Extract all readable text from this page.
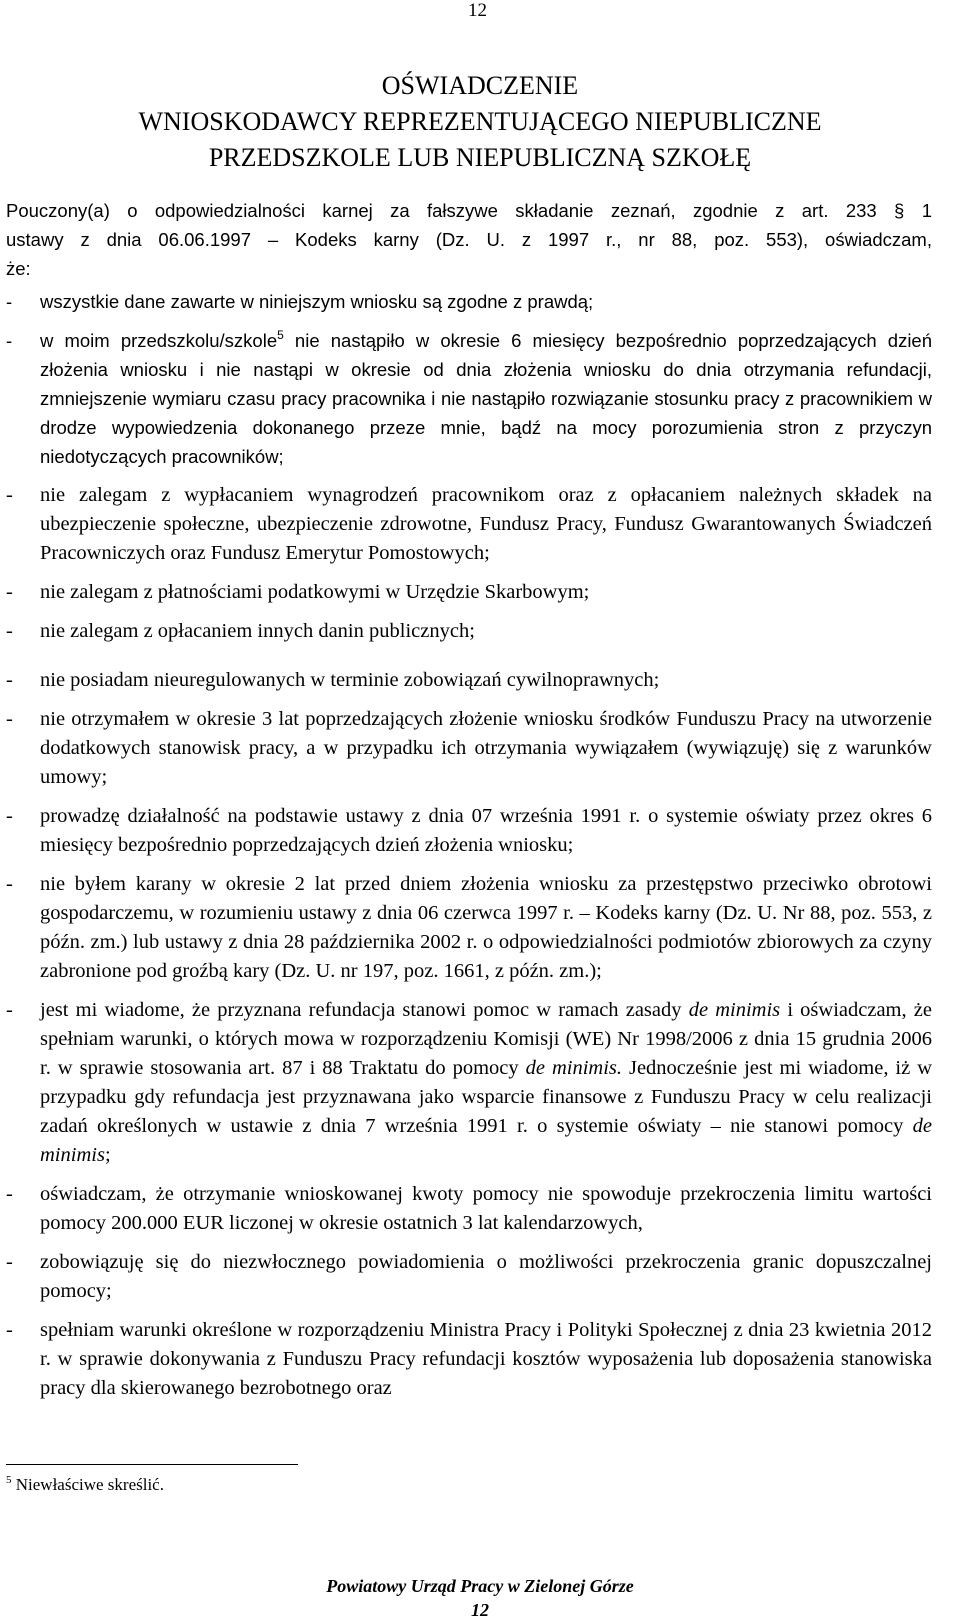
12
OŚWIADCZENIE
WNIOSKODAWCY REPREZENTUJĄCEGO NIEPUBLICZNE
PRZEDSZKOLE LUB NIEPUBLICZNĄ SZKOŁĘ
Pouczony(a) o odpowiedzialności karnej za fałszywe składanie zeznań, zgodnie z art. 233 § 1
ustawy z dnia 06.06.1997 – Kodeks karny (Dz. U. z 1997 r., nr 88, poz. 553), oświadczam,
że:
- wszystkie dane zawarte w niniejszym wniosku są zgodne z prawdą;
- w moim przedszkolu/szkole$^5$ nie nastąpiło w okresie 6 miesięcy bezpośrednio poprzedzających dzień złożenia wniosku i nie nastąpi w okresie od dnia złożenia wniosku do dnia otrzymania refundacji, zmniejszenie wymiaru czasu pracy pracownika i nie nastąpiło rozwiązanie stosunku pracy z pracownikiem w drodze wypowiedzenia dokonanego przeze mnie, bądź na mocy porozumienia stron z przyczyn niedotyczących pracowników;
- nie zalegam z wypłacaniem wynagrodzeń pracownikom oraz z opłacaniem należnych składek na ubezpieczenie społeczne, ubezpieczenie zdrowotne, Fundusz Pracy, Fundusz Gwarantowanych Świadczeń Pracowniczych oraz Fundusz Emerytur Pomostowych;
- nie zalegam z płatnościami podatkowymi w Urzędzie Skarbowym;
- nie zalegam z opłacaniem innych danin publicznych;
- nie posiadam nieuregulowanych w terminie zobowiązań cywilnoprawnych;
- nie otrzymałem w okresie 3 lat poprzedzających złożenie wniosku środków Funduszu Pracy na utworzenie dodatkowych stanowisk pracy, a w przypadku ich otrzymania wywiązałem (wywiązuję) się z warunków umowy;
- prowadzę działalność na podstawie ustawy z dnia 07 września 1991 r. o systemie oświaty przez okres 6 miesięcy bezpośrednio poprzedzających dzień złożenia wniosku;
- nie byłem karany w okresie 2 lat przed dniem złożenia wniosku za przestępstwo przeciwko obrotowi gospodarczemu, w rozumieniu ustawy z dnia 06 czerwca 1997 r. – Kodeks karny (Dz. U. Nr 88, poz. 553, z późn. zm.) lub ustawy z dnia 28 października 2002 r. o odpowiedzialności podmiotów zbiorowych za czyny zabronione pod groźbą kary (Dz. U. nr 197, poz. 1661, z późn. zm.);
- jest mi wiadome, że przyznana refundacja stanowi pomoc w ramach zasady de minimis i oświadczam, że spełniam warunki, o których mowa w rozporządzeniu Komisji (WE) Nr 1998/2006 z dnia 15 grudnia 2006 r. w sprawie stosowania art. 87 i 88 Traktatu do pomocy de minimis. Jednocześnie jest mi wiadome, iż w przypadku gdy refundacja jest przyznawana jako wsparcie finansowe z Funduszu Pracy w celu realizacji zadań określonych w ustawie z dnia 7 września 1991 r. o systemie oświaty – nie stanowi pomocy de minimis;
- oświadczam, że otrzymanie wnioskowanej kwoty pomocy nie spowoduje przekroczenia limitu wartości pomocy 200.000 EUR liczonej w okresie ostatnich 3 lat kalendarzowych,
- zobowiązuję się do niezwłocznego powiadomienia o możliwości przekroczenia granic dopuszczalnej pomocy;
- spełniam warunki określone w rozporządzeniu Ministra Pracy i Polityki Społecznej z dnia 23 kwietnia 2012 r. w sprawie dokonywania z Funduszu Pracy refundacji kosztów wyposażenia lub doposażenia stanowiska pracy dla skierowanego bezrobotnego oraz
$^5$ Niewłaściwe skreślić.
Powiatowy Urząd Pracy w Zielonej Górze
12
